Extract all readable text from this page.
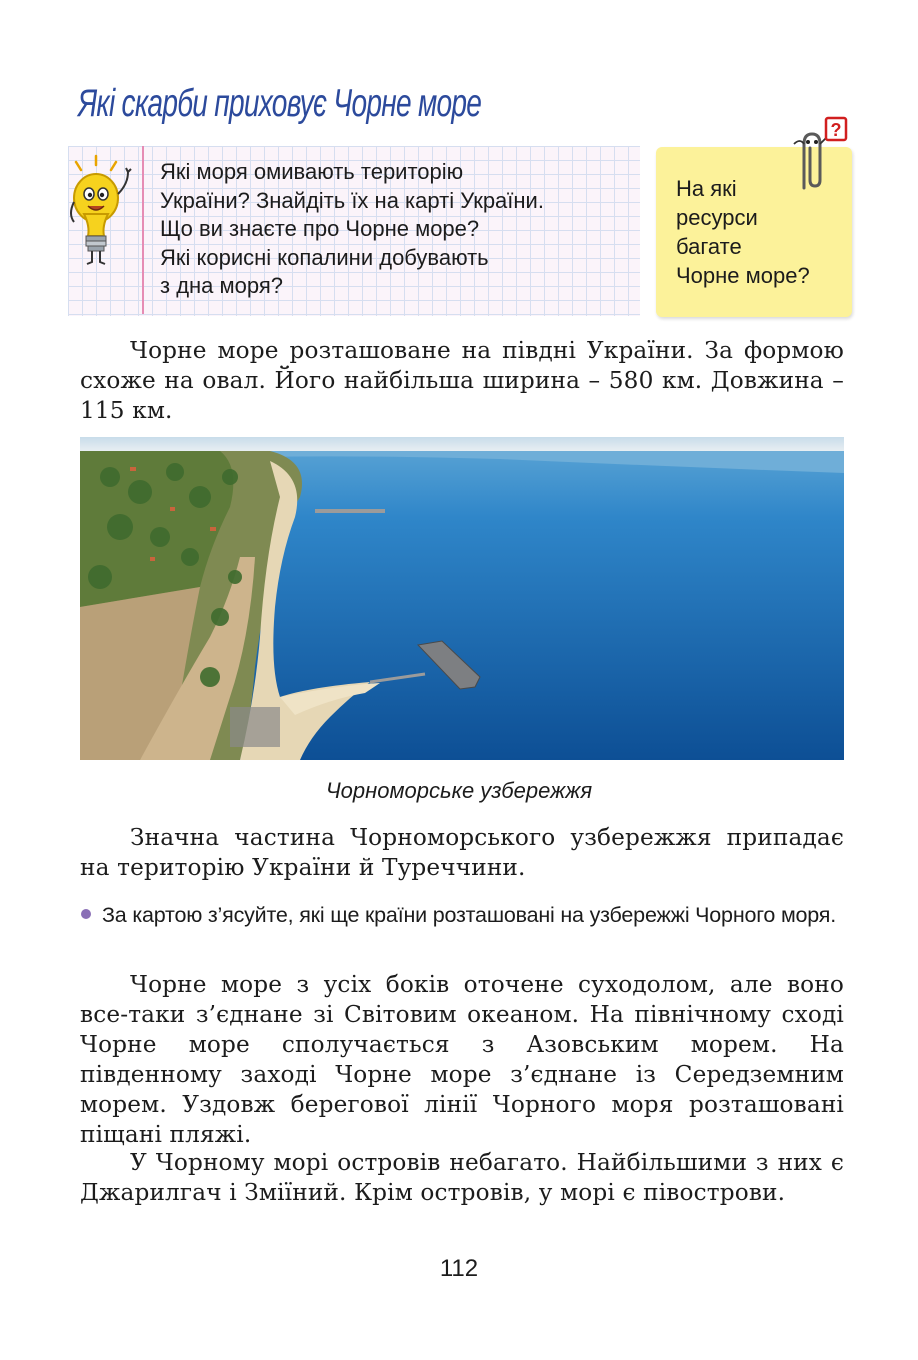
Які скарби приховує Чорне море

Які моря омивають територію

України? Знайдіть їх на карті України.

Що ви знаєте про Чорне море?

Які корисні копалини добувають

з дна моря?

?
На які
ресурси
багате
Чорне море?

Чорне море розташоване на півдні України. За формою схоже на овал. Його найбільша ширина – 580 км. Довжина – 115 км.

Чорноморське узбережжя

Значна частина Чорноморського узбережжя припадає на територію України й Туреччини.

За картою з’ясуйте, які ще країни розташовані на узбережжі Чорного моря.

Чорне море з усіх боків оточене суходолом, але воно все-таки з’єднане зі Світовим океаном. На північному сході Чорне море сполучається з Азовським морем. На південному заході Чорне море з’єднане із Середземним морем. Уздовж берегової лінії Чорного моря розташовані піщані пляжі.

У Чорному морі островів небагато. Найбільшими з них є Джарилгач і Зміїний. Крім островів, у морі є півострови.

112
